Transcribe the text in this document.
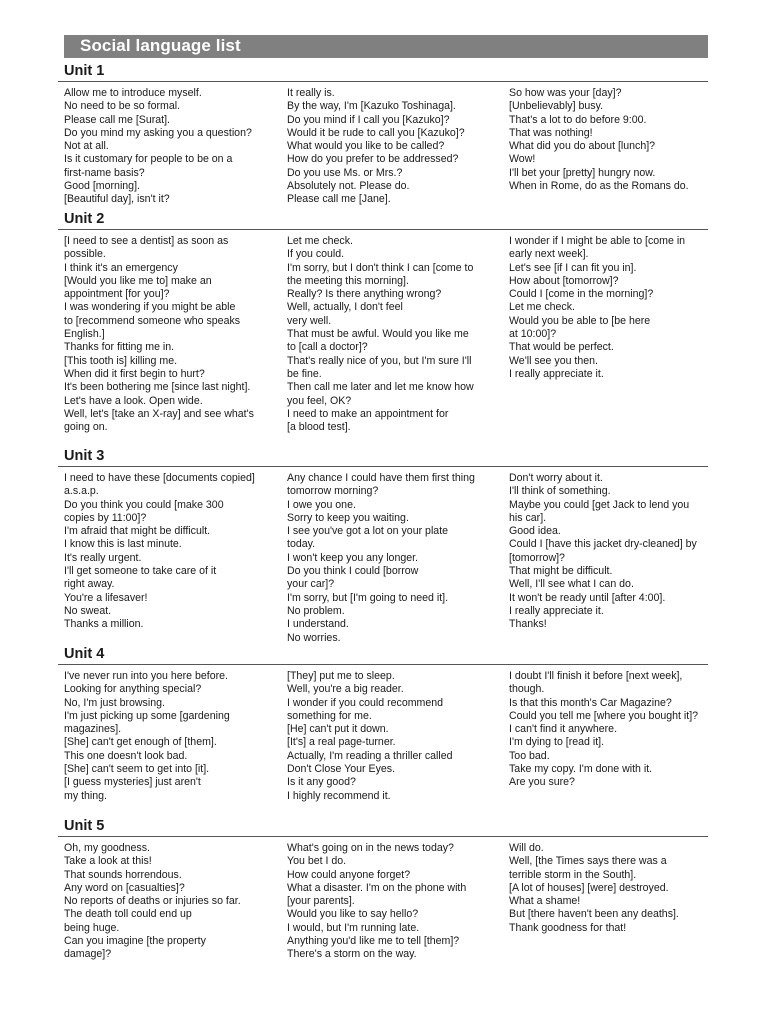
Social language list
Unit 1
Allow me to introduce myself.
No need to be so formal.
Please call me [Surat].
Do you mind my asking you a question?
Not at all.
Is it customary for people to be on a
first-name basis?
Good [morning].
[Beautiful day], isn't it?
It really is.
By the way, I'm [Kazuko Toshinaga].
Do you mind if I call you [Kazuko]?
Would it be rude to call you [Kazuko]?
What would you like to be called?
How do you prefer to be addressed?
Do you use Ms. or Mrs.?
Absolutely not. Please do.
Please call me [Jane].
So how was your [day]?
[Unbelievably] busy.
That's a lot to do before 9:00.
That was nothing!
What did you do about [lunch]?
Wow!
I'll bet your [pretty] hungry now.
When in Rome, do as the Romans do.
Unit 2
[I need to see a dentist] as soon as
possible.
I think it's an emergency
[Would you like me to] make an
appointment [for you]?
I was wondering if you might be able
to [recommend someone who speaks
English.]
Thanks for fitting me in.
[This tooth is] killing me.
When did it first begin to hurt?
It's been bothering me [since last night].
Let's have a look. Open wide.
Well, let's [take an X-ray] and see what's
going on.
Let me check.
If you could.
I'm sorry, but I don't think I can [come to
the meeting this morning].
Really? Is there anything wrong?
Well, actually, I don't feel
very well.
That must be awful. Would you like me
to [call a doctor]?
That's really nice of you, but I'm sure I'll
be fine.
Then call me later and let me know how
you feel, OK?
I need to make an appointment for
[a blood test].
I wonder if I might be able to [come in
early next week].
Let's see [if I can fit you in].
How about [tomorrow]?
Could I [come in the morning]?
Let me check.
Would you be able to [be here
at 10:00]?
That would be perfect.
We'll see you then.
I really appreciate it.
Unit 3
I need to have these [documents copied]
a.s.a.p.
Do you think you could [make 300
copies by 11:00]?
I'm afraid that might be difficult.
I know this is last minute.
It's really urgent.
I'll get someone to take care of it
right away.
You're a lifesaver!
No sweat.
Thanks a million.
Any chance I could have them first thing
tomorrow morning?
I owe you one.
Sorry to keep you waiting.
I see you've got a lot on your plate
today.
I won't keep you any longer.
Do you think I could [borrow
your car]?
I'm sorry, but [I'm going to need it].
No problem.
I understand.
No worries.
Don't worry about it.
I'll think of something.
Maybe you could [get Jack to lend you
his car].
Good idea.
Could I [have this jacket dry-cleaned] by
[tomorrow]?
That might be difficult.
Well, I'll see what I can do.
It won't be ready until [after 4:00].
I really appreciate it.
Thanks!
Unit 4
I've never run into you here before.
Looking for anything special?
No, I'm just browsing.
I'm just picking up some [gardening
magazines].
[She] can't get enough of [them].
This one doesn't look bad.
[She] can't seem to get into [it].
[I guess mysteries] just aren't
my thing.
[They] put me to sleep.
Well, you're a big reader.
I wonder if you could recommend
something for me.
[He] can't put it down.
[It's] a real page-turner.
Actually, I'm reading a thriller called
Don't Close Your Eyes.
Is it any good?
I highly recommend it.
I doubt I'll finish it before [next week],
though.
Is that this month's Car Magazine?
Could you tell me [where you bought it]?
I can't find it anywhere.
I'm dying to [read it].
Too bad.
Take my copy. I'm done with it.
Are you sure?
Unit 5
Oh, my goodness.
Take a look at this!
That sounds horrendous.
Any word on [casualties]?
No reports of deaths or injuries so far.
The death toll could end up
being huge.
Can you imagine [the property
damage]?
What's going on in the news today?
You bet I do.
How could anyone forget?
What a disaster. I'm on the phone with
[your parents].
Would you like to say hello?
I would, but I'm running late.
Anything you'd like me to tell [them]?
There's a storm on the way.
Will do.
Well, [the Times says there was a
terrible storm in the South].
[A lot of houses] [were] destroyed.
What a shame!
But [there haven't been any deaths].
Thank goodness for that!
